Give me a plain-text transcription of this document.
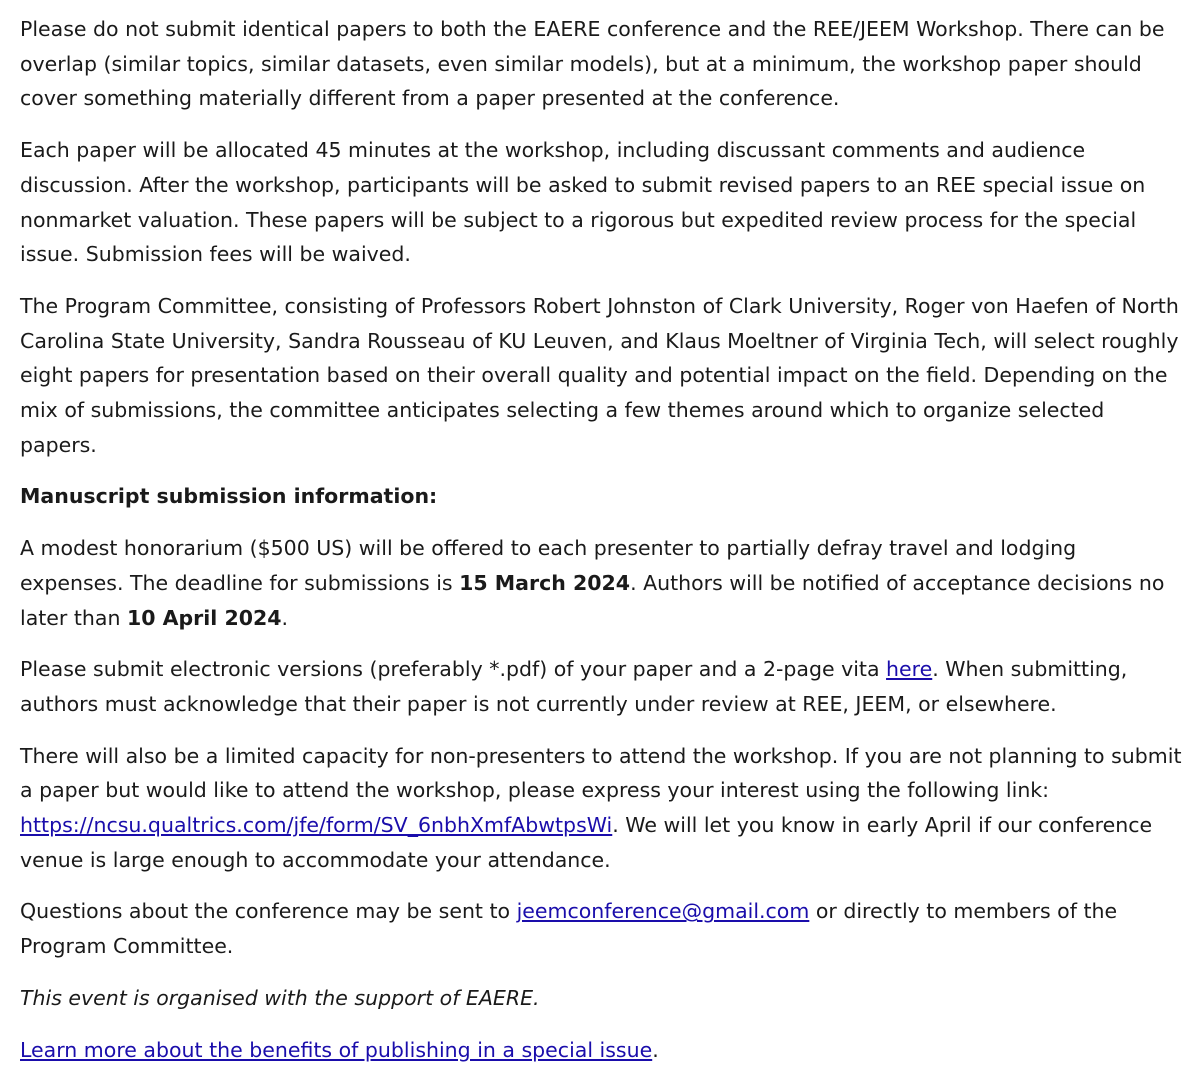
Please do not submit identical papers to both the EAERE conference and the REE/JEEM Workshop. There can be overlap (similar topics, similar datasets, even similar models), but at a minimum, the workshop paper should cover something materially different from a paper presented at the conference.

Each paper will be allocated 45 minutes at the workshop, including discussant comments and audience discussion. After the workshop, participants will be asked to submit revised papers to an REE special issue on nonmarket valuation. These papers will be subject to a rigorous but expedited review process for the special issue. Submission fees will be waived.

The Program Committee, consisting of Professors Robert Johnston of Clark University, Roger von Haefen of North Carolina State University, Sandra Rousseau of KU Leuven, and Klaus Moeltner of Virginia Tech, will select roughly eight papers for presentation based on their overall quality and potential impact on the field. Depending on the mix of submissions, the committee anticipates selecting a few themes around which to organize selected papers.

Manuscript submission information:

A modest honorarium ($500 US) will be offered to each presenter to partially defray travel and lodging expenses. The deadline for submissions is 15 March 2024. Authors will be notified of acceptance decisions no later than 10 April 2024.

Please submit electronic versions (preferably *.pdf) of your paper and a 2-page vita here. When submitting, authors must acknowledge that their paper is not currently under review at REE, JEEM, or elsewhere.

There will also be a limited capacity for non-presenters to attend the workshop. If you are not planning to submit a paper but would like to attend the workshop, please express your interest using the following link: https://ncsu.qualtrics.com/jfe/form/SV_6nbhXmfAbwtpsWi. We will let you know in early April if our conference venue is large enough to accommodate your attendance.

Questions about the conference may be sent to jeemconference@gmail.com or directly to members of the Program Committee.

This event is organised with the support of EAERE.

Learn more about the benefits of publishing in a special issue.
